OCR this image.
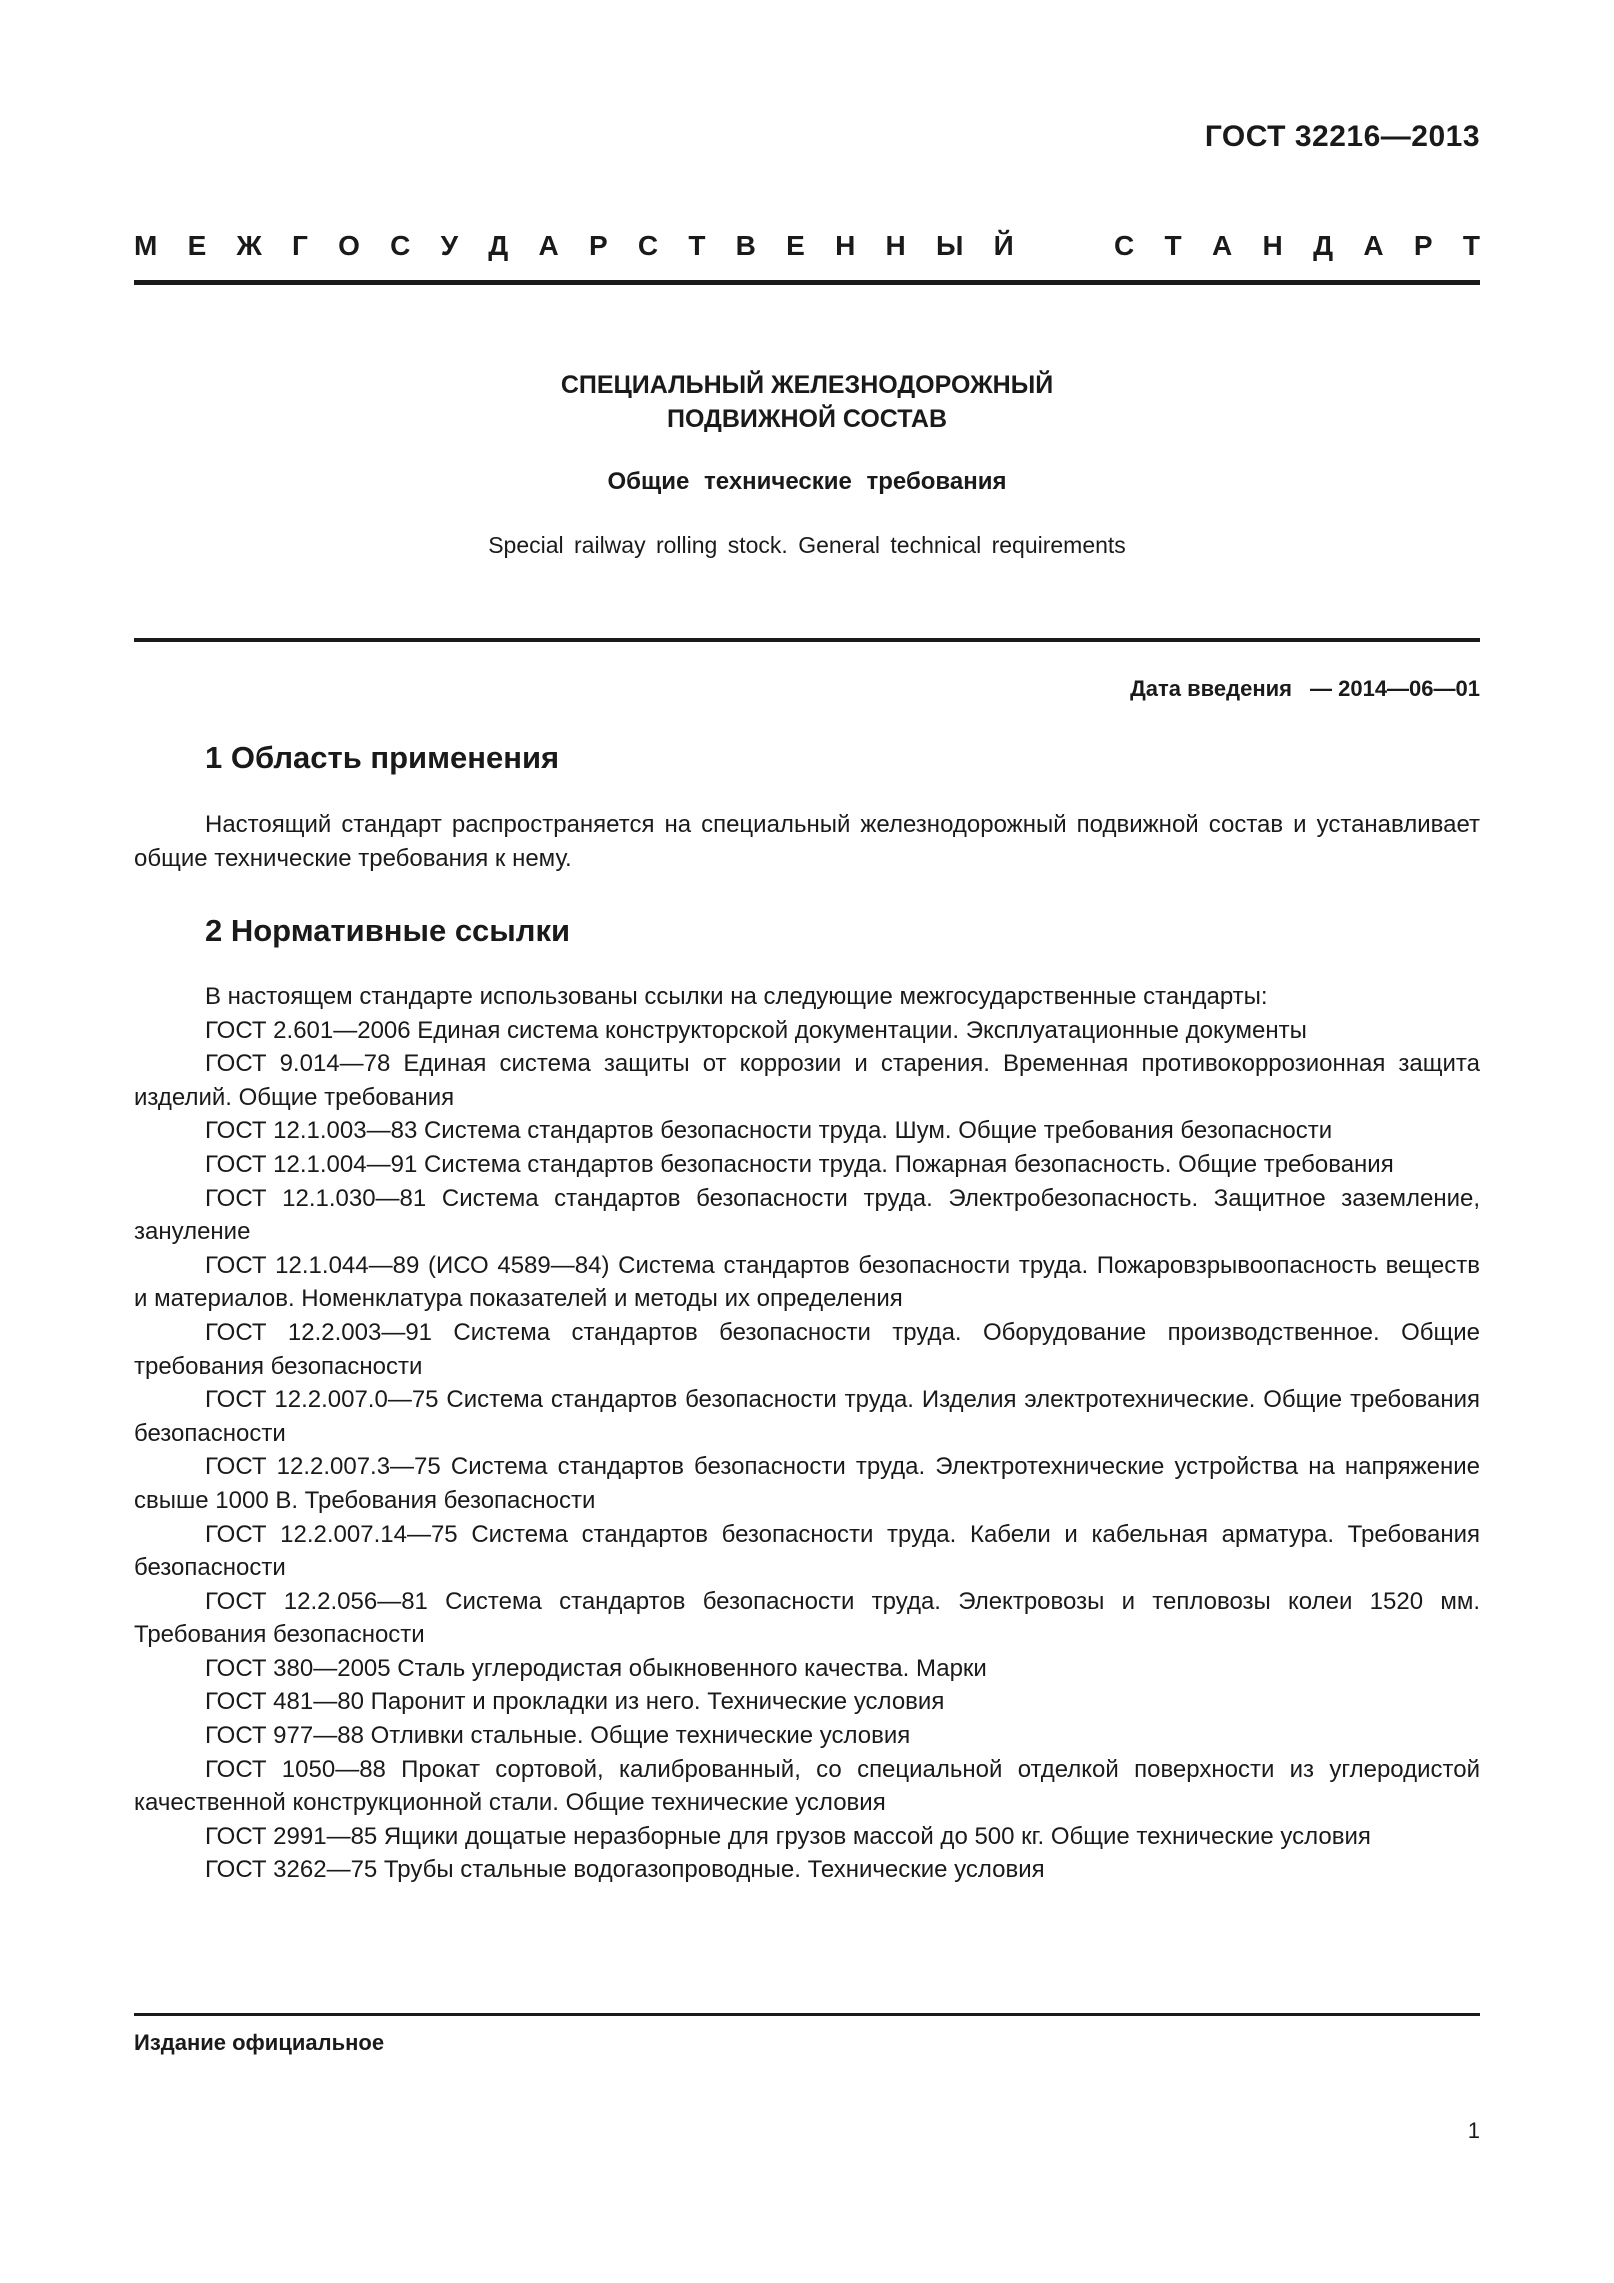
ГОСТ 32216—2013
М Е Ж Г О С У Д А Р С Т В Е Н Н Ы Й	С Т А Н Д А Р Т
СПЕЦИАЛЬНЫЙ ЖЕЛЕЗНОДОРОЖНЫЙ
ПОДВИЖНОЙ СОСТАВ
Общие технические требования
Special railway rolling stock. General technical requirements
Дата введения — 2014—06—01
1 Область применения

Настоящий стандарт распространяется на специальный железнодорожный подвижной состав и устанавливает общие технические требования к нему.

2 Нормативные ссылки

В настоящем стандарте использованы ссылки на следующие межгосударственные стандарты:

ГОСТ 2.601—2006 Единая система конструкторской документации. Эксплуатационные документы

ГОСТ 9.014—78 Единая система защиты от коррозии и старения. Временная противокоррозионная защита изделий. Общие требования

ГОСТ 12.1.003—83 Система стандартов безопасности труда. Шум. Общие требования безопасности

ГОСТ 12.1.004—91 Система стандартов безопасности труда. Пожарная безопасность. Общие требования

ГОСТ 12.1.030—81 Система стандартов безопасности труда. Электробезопасность. Защитное заземление, зануление

ГОСТ 12.1.044—89 (ИСО 4589—84) Система стандартов безопасности труда. Пожаровзрывоопасность веществ и материалов. Номенклатура показателей и методы их определения

ГОСТ 12.2.003—91 Система стандартов безопасности труда. Оборудование производственное. Общие требования безопасности

ГОСТ 12.2.007.0—75 Система стандартов безопасности труда. Изделия электротехнические. Общие требования безопасности

ГОСТ 12.2.007.3—75 Система стандартов безопасности труда. Электротехнические устройства на напряжение свыше 1000 В. Требования безопасности

ГОСТ 12.2.007.14—75 Система стандартов безопасности труда. Кабели и кабельная арматура. Требования безопасности

ГОСТ 12.2.056—81 Система стандартов безопасности труда. Электровозы и тепловозы колеи 1520 мм. Требования безопасности

ГОСТ 380—2005 Сталь углеродистая обыкновенного качества. Марки

ГОСТ 481—80 Паронит и прокладки из него. Технические условия

ГОСТ 977—88 Отливки стальные. Общие технические условия

ГОСТ 1050—88 Прокат сортовой, калиброванный, со специальной отделкой поверхности из углеродистой качественной конструкционной стали. Общие технические условия

ГОСТ 2991—85 Ящики дощатые неразборные для грузов массой до 500 кг. Общие технические условия

ГОСТ 3262—75 Трубы стальные водогазопроводные. Технические условия

Издание официальное
1
